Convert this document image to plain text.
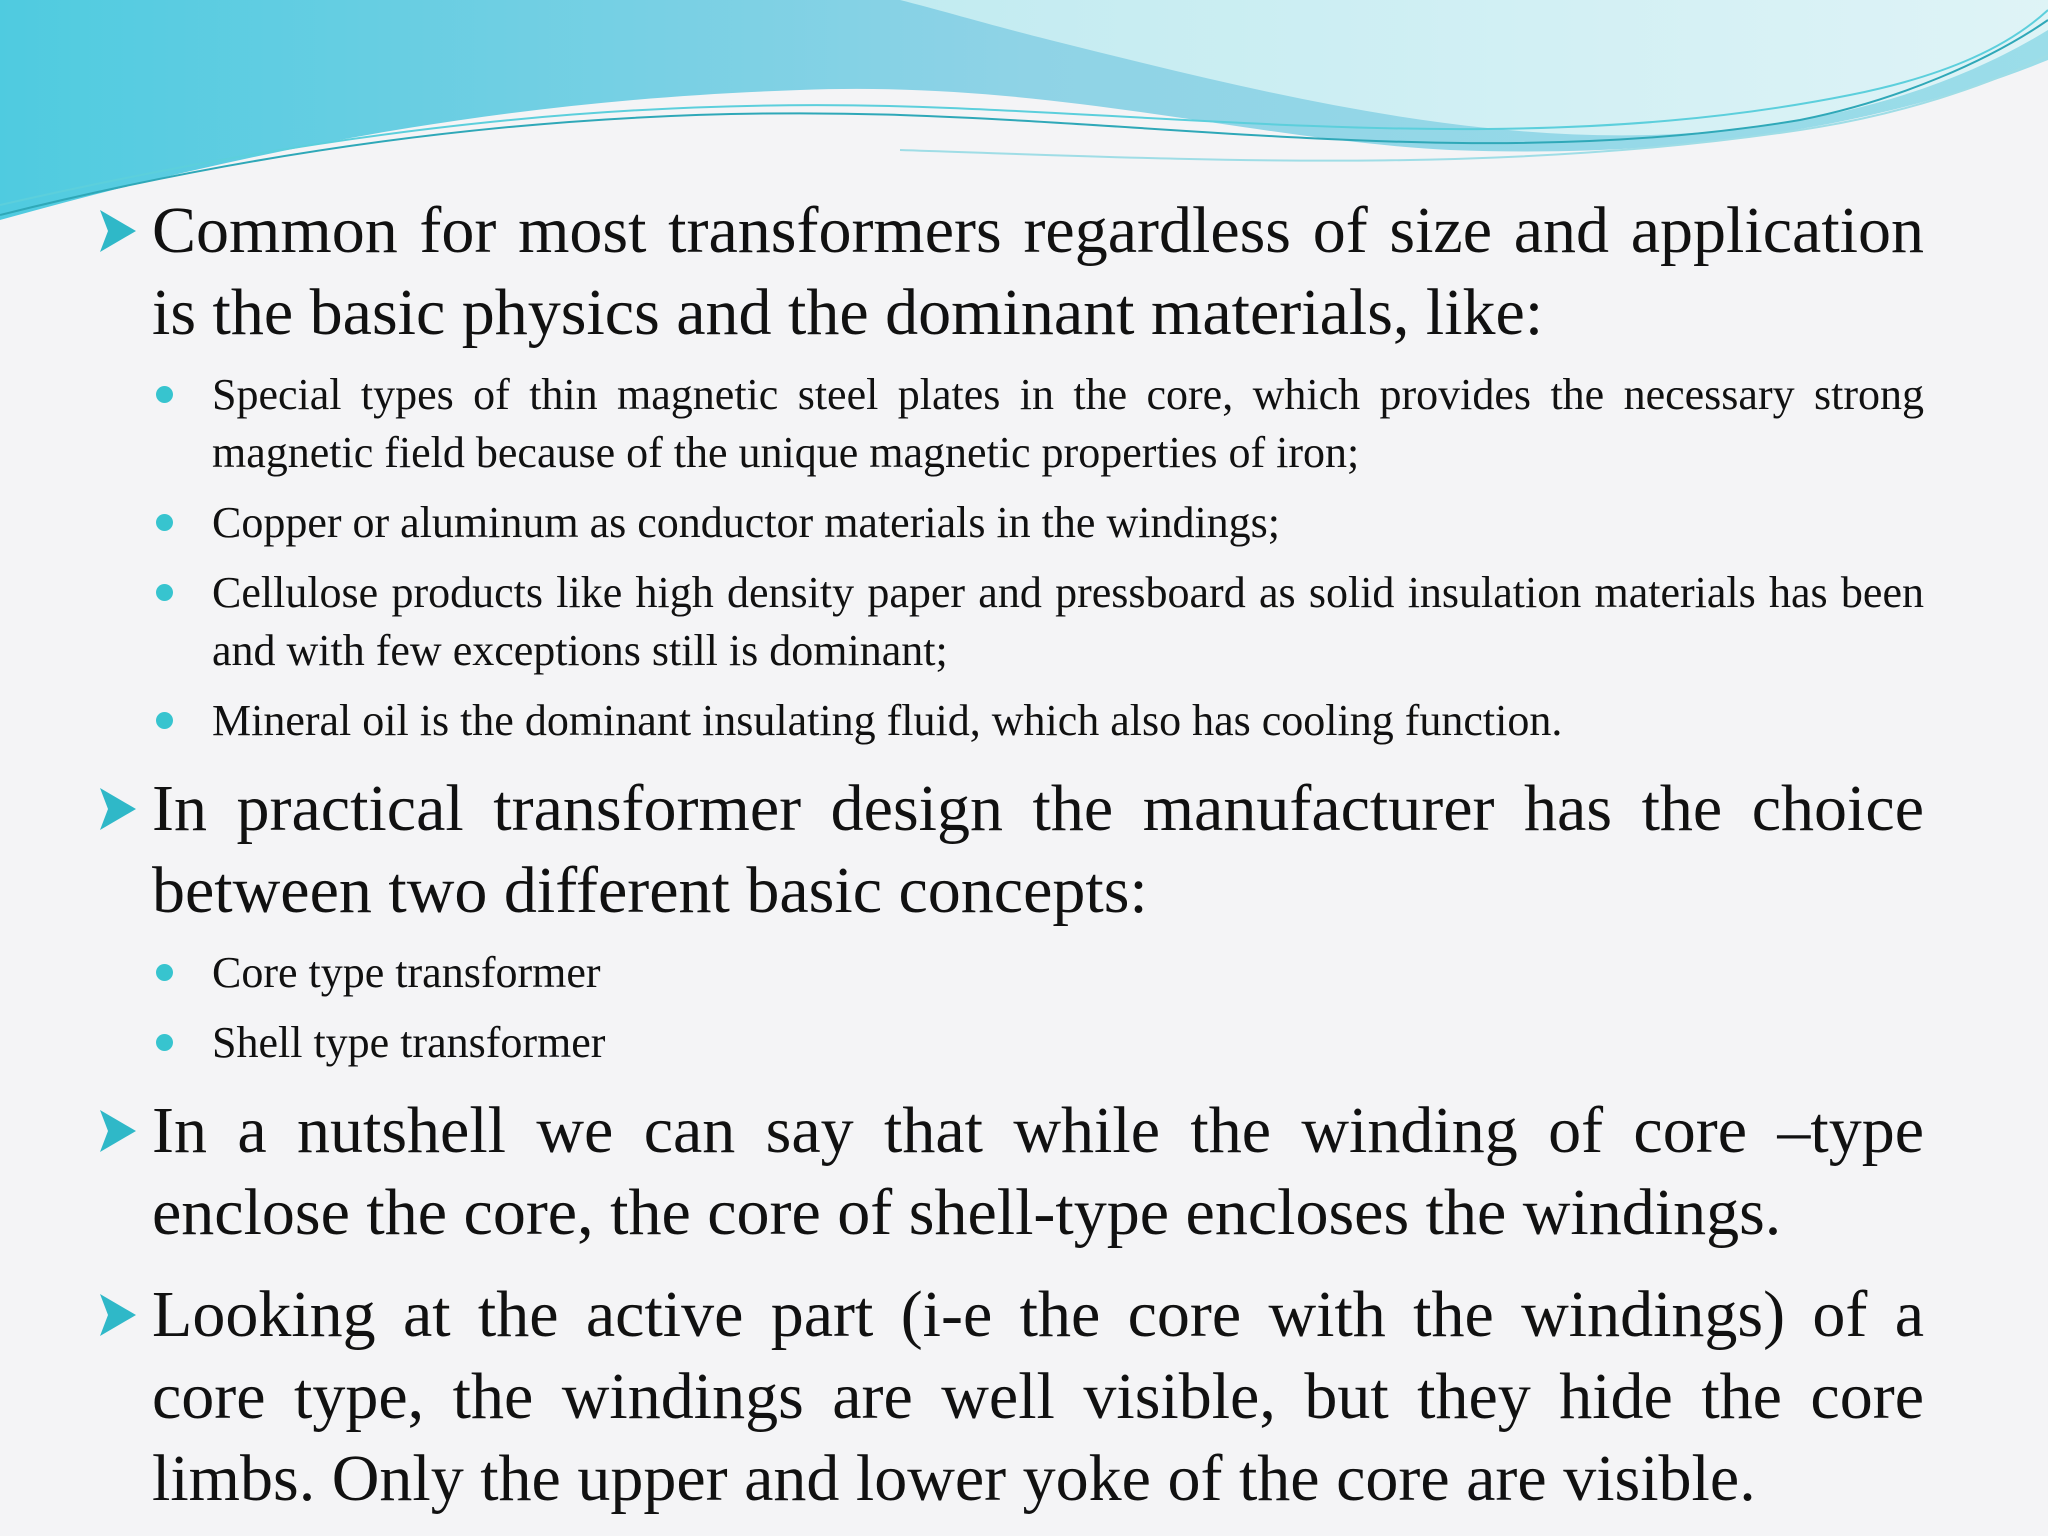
Common for most transformers regardless of size and application is the basic physics and the dominant materials, like:
Special types of thin magnetic steel plates in the core, which provides the necessary strong magnetic field because of the unique magnetic properties of iron;
Copper or aluminum as conductor materials in the windings;
Cellulose products like high density paper and pressboard as solid insulation materials has been and with few exceptions still is dominant;
Mineral oil is the dominant insulating fluid, which also has cooling function.
In practical transformer design the manufacturer has the choice between two different basic concepts:
Core type transformer
Shell type transformer
In a nutshell we can say that while the winding of core –type enclose the core, the core of shell-type encloses the windings.
Looking at the active part (i-e the core with the windings) of a core type, the windings are well visible, but they hide the core limbs. Only the upper and lower yoke of the core are visible.
